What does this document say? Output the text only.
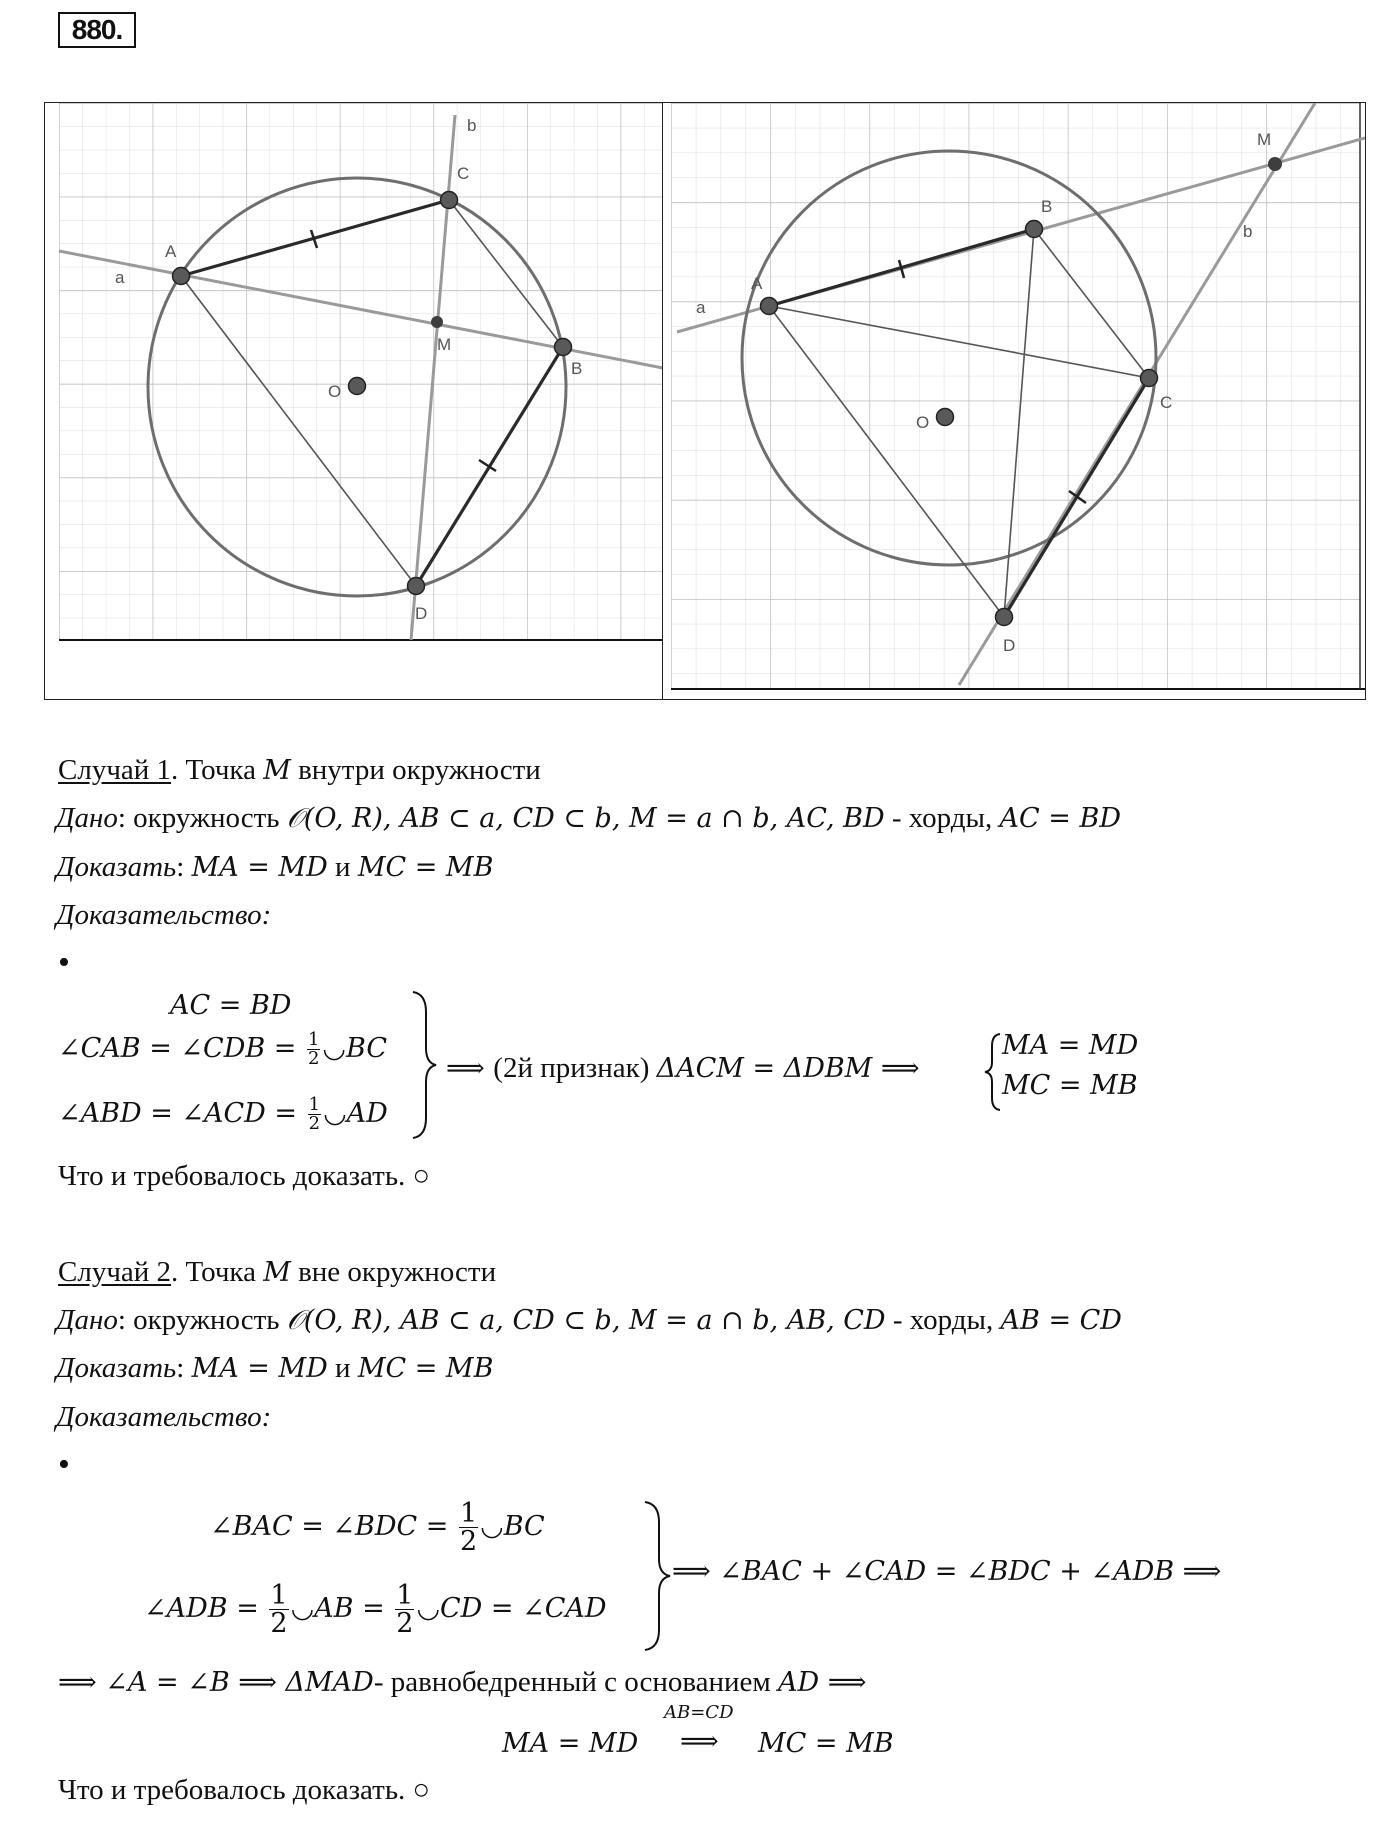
880.
a
b
A
C
B
D
M
O
a
b
A
B
C
D
M
O
Случай 1. Точка M внутри окружности
Дано: окружность 𝒪(O, R), AB ⊂ a, CD ⊂ b, M = a ∩ b, AC, BD - хорды, AC = BD
Доказать: MA = MD и MC = MB
Доказательство:
•
AC = BD
∠CAB = ∠CDB = $\frac{1}{2}$ ◡BC
∠ABD = ∠ACD = $\frac{1}{2}$ ◡AD
⟹ (2й признак) ΔACM = ΔDBM ⟹
MA = MD
MC = MB
Что и требовалось доказать. ○
Случай 2. Точка M вне окружности
Дано: окружность 𝒪(O, R), AB ⊂ a, CD ⊂ b, M = a ∩ b, AB, CD - хорды, AB = CD
Доказать: MA = MD и MC = MB
Доказательство:
•
∠BAC = ∠BDC = $\frac{1}{2}$ ◡BC
∠ADB = $\frac{1}{2}$ ◡AB = $\frac{1}{2}$ ◡CD = ∠CAD
⟹ ∠BAC + ∠CAD = ∠BDC + ∠ADB ⟹
⟹ ∠A = ∠B ⟹ ΔMAD- равнобедренный с основанием AD ⟹
MA = MD
AB=CD
⟹ MC = MB
Что и требовалось доказать. ○
